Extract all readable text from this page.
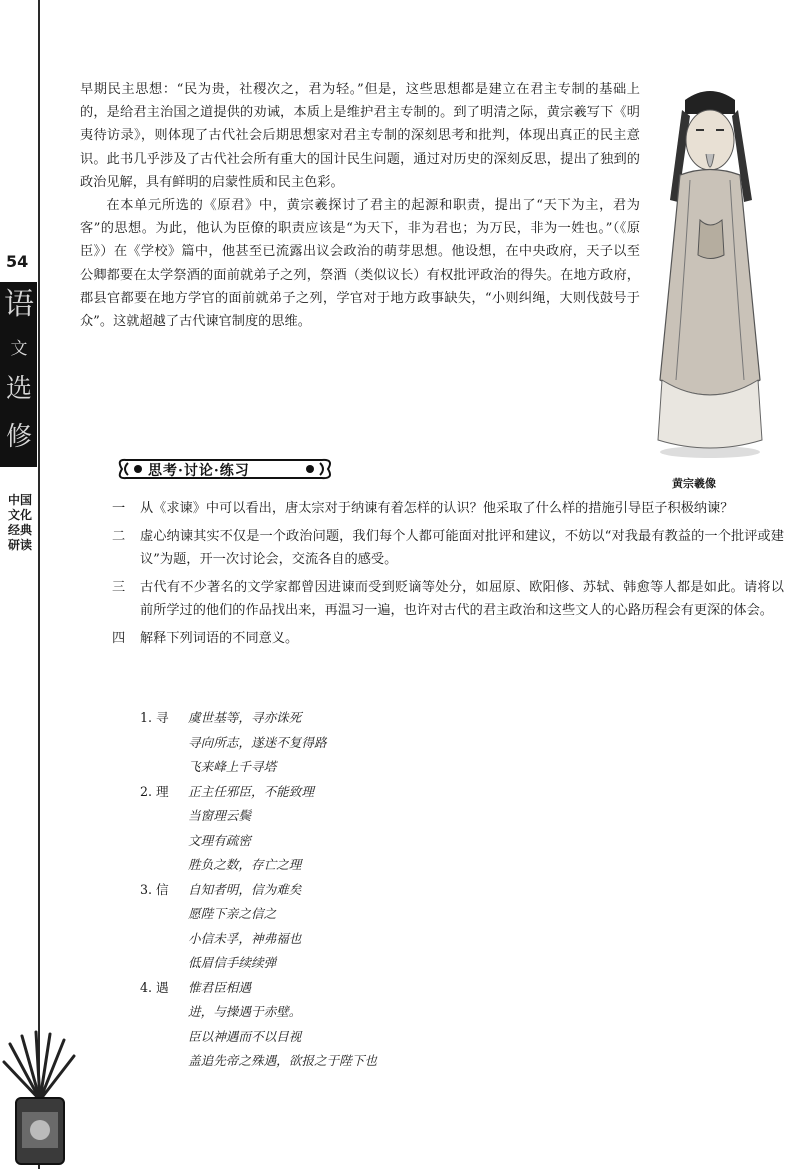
54
语
文
选
修
中国文化经典研读

早期民主思想：“民为贵，社稷次之，君为轻。”但是，这些思想都是建立在君主专制的基础上的，是给君主治国之道提供的劝诫，本质上是维护君主专制的。到了明清之际，黄宗羲写下《明夷待访录》，则体现了古代社会后期思想家对君主专制的深刻思考和批判，体现出真正的民主意识。此书几乎涉及了古代社会所有重大的国计民生问题，通过对历史的深刻反思，提出了独到的政治见解，具有鲜明的启蒙性质和民主色彩。

在本单元所选的《原君》中，黄宗羲探讨了君主的起源和职责，提出了“天下为主，君为客”的思想。为此，他认为臣僚的职责应该是“为天下，非为君也；为万民，非为一姓也。”（《原臣》）在《学校》篇中，他甚至已流露出议会政治的萌芽思想。他设想，在中央政府，天子以至公卿都要在太学祭酒的面前就弟子之列，祭酒（类似议长）有权批评政治的得失。在地方政府，郡县官都要在地方学官的面前就弟子之列，学官对于地方政事缺失，“小则纠绳，大则伐鼓号于众”。这就超越了古代谏官制度的思维。

黄宗羲像
思考·讨论·练习
一 从《求谏》中可以看出，唐太宗对于纳谏有着怎样的认识？他采取了什么样的措施引导臣子积极纳谏？
二 虚心纳谏其实不仅是一个政治问题，我们每个人都可能面对批评和建议，不妨以“对我最有教益的一个批评或建议”为题，开一次讨论会，交流各自的感受。
三 古代有不少著名的文学家都曾因进谏而受到贬谪等处分，如屈原、欧阳修、苏轼、韩愈等人都是如此。请将以前所学过的他们的作品找出来，再温习一遍，也许对古代的君主政治和这些文人的心路历程会有更深的体会。
四 解释下列词语的不同意义。
1. 寻	虞世基等，寻亦诛死
寻向所志，遂迷不复得路
飞来峰上千寻塔
2. 理	正主任邪臣，不能致理
当窗理云鬓
文理有疏密
胜负之数，存亡之理
3. 信	自知者明，信为难矣
愿陛下亲之信之
小信未孚，神弗福也
低眉信手续续弹
4. 遇	惟君臣相遇
进，与操遇于赤壁。
臣以神遇而不以目视
盖追先帝之殊遇，欲报之于陛下也
